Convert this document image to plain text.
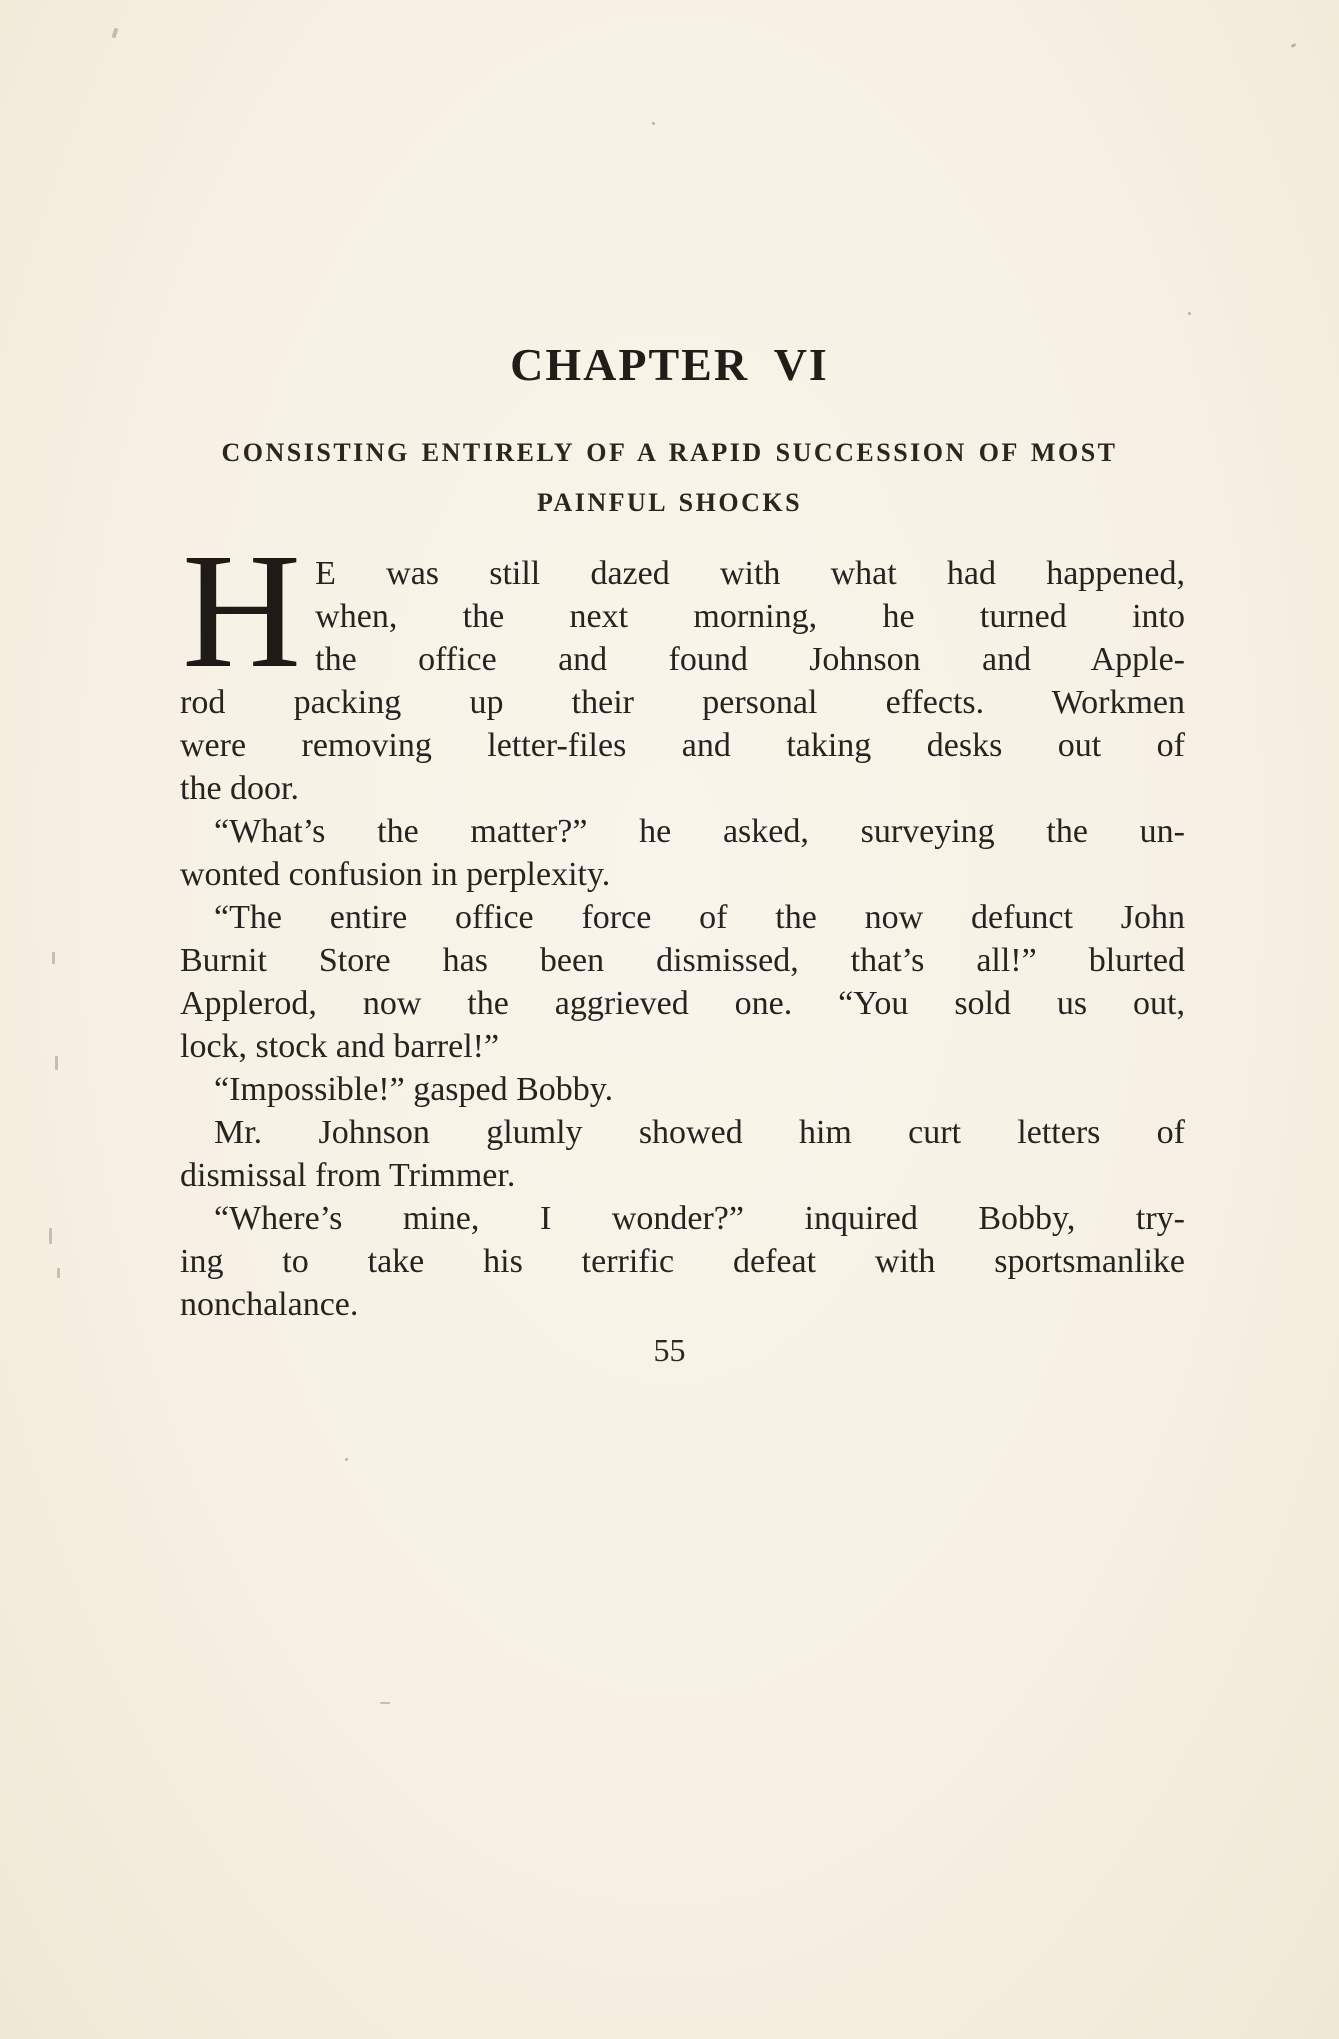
CHAPTER VI
CONSISTING ENTIRELY OF A RAPID SUCCESSION OF MOST
PAINFUL SHOCKS
H E was still dazed with what had happened,
when, the next morning, he turned into
the office and found Johnson and Apple-
rod packing up their personal effects. Workmen
were removing letter-files and taking desks out of
the door.
“What’s the matter?” he asked, surveying the un-
wonted confusion in perplexity.
“The entire office force of the now defunct John
Burnit Store has been dismissed, that’s all!” blurted
Applerod, now the aggrieved one. “You sold us out,
lock, stock and barrel!”
“Impossible!” gasped Bobby.
Mr. Johnson glumly showed him curt letters of
dismissal from Trimmer.
“Where’s mine, I wonder?” inquired Bobby, try-
ing to take his terrific defeat with sportsmanlike
nonchalance.
55
